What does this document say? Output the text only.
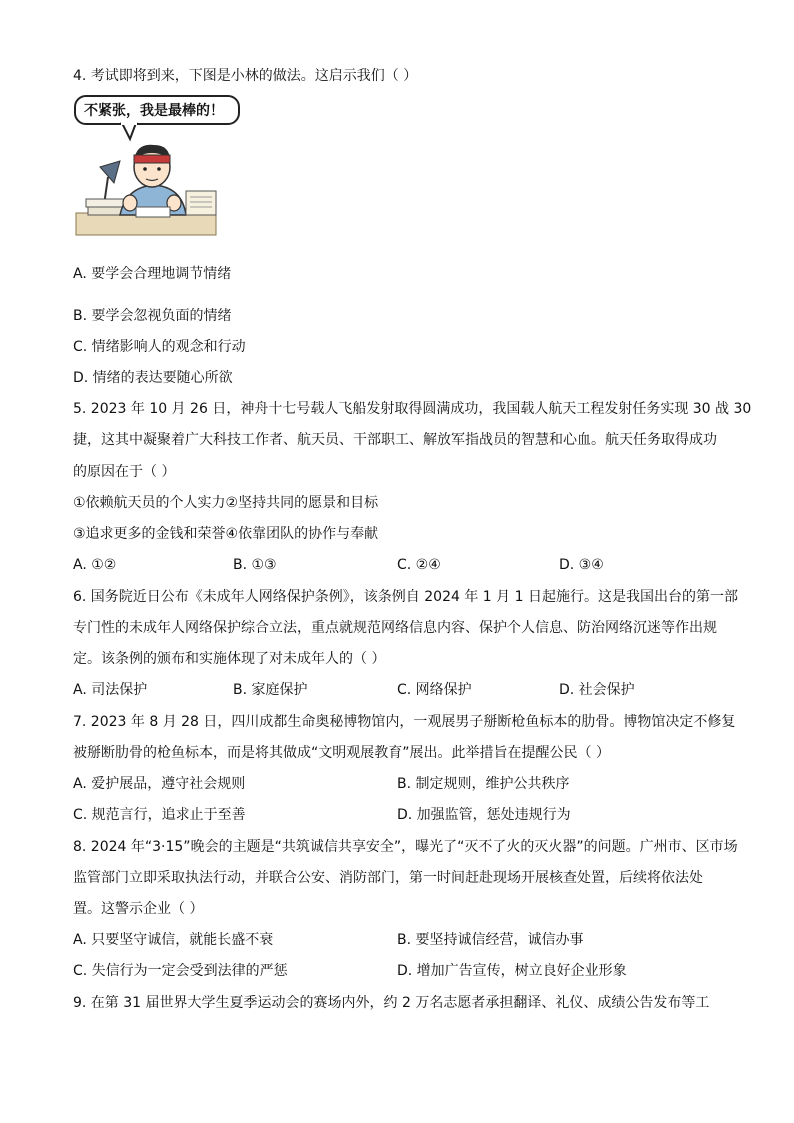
4. 考试即将到来，下图是小林的做法。这启示我们（ ）
不紧张，我是最棒的！
A. 要学会合理地调节情绪
B. 要学会忽视负面的情绪
C. 情绪影响人的观念和行动
D. 情绪的表达要随心所欲
5. 2023 年 10 月 26 日，神舟十七号载人飞船发射取得圆满成功，我国载人航天工程发射任务实现 30 战 30
捷，这其中凝聚着广大科技工作者、航天员、干部职工、解放军指战员的智慧和心血。航天任务取得成功
的原因在于（ ）
①依赖航天员的个人实力②坚持共同的愿景和目标
③追求更多的金钱和荣誉④依靠团队的协作与奉献
A. ①②	B. ①③	C. ②④	D. ③④
6. 国务院近日公布《未成年人网络保护条例》，该条例自 2024 年 1 月 1 日起施行。这是我国出台的第一部
专门性的未成年人网络保护综合立法，重点就规范网络信息内容、保护个人信息、防治网络沉迷等作出规
定。该条例的颁布和实施体现了对未成年人的（ ）
A. 司法保护	B. 家庭保护	C. 网络保护	D. 社会保护
7. 2023 年 8 月 28 日，四川成都生命奥秘博物馆内，一观展男子掰断枪鱼标本的肋骨。博物馆决定不修复
被掰断肋骨的枪鱼标本，而是将其做成“文明观展教育”展出。此举措旨在提醒公民（ ）
A. 爱护展品，遵守社会规则	B. 制定规则，维护公共秩序
C. 规范言行，追求止于至善	D. 加强监管，惩处违规行为
8. 2024 年“3·15”晚会的主题是“共筑诚信共享安全”，曝光了“灭不了火的灭火器”的问题。广州市、区市场
监管部门立即采取执法行动，并联合公安、消防部门，第一时间赶赴现场开展核查处置，后续将依法处
置。这警示企业（ ）
A. 只要坚守诚信，就能长盛不衰	B. 要坚持诚信经营，诚信办事
C. 失信行为一定会受到法律的严惩	D. 增加广告宣传，树立良好企业形象
9. 在第 31 届世界大学生夏季运动会的赛场内外，约 2 万名志愿者承担翻译、礼仪、成绩公告发布等工
